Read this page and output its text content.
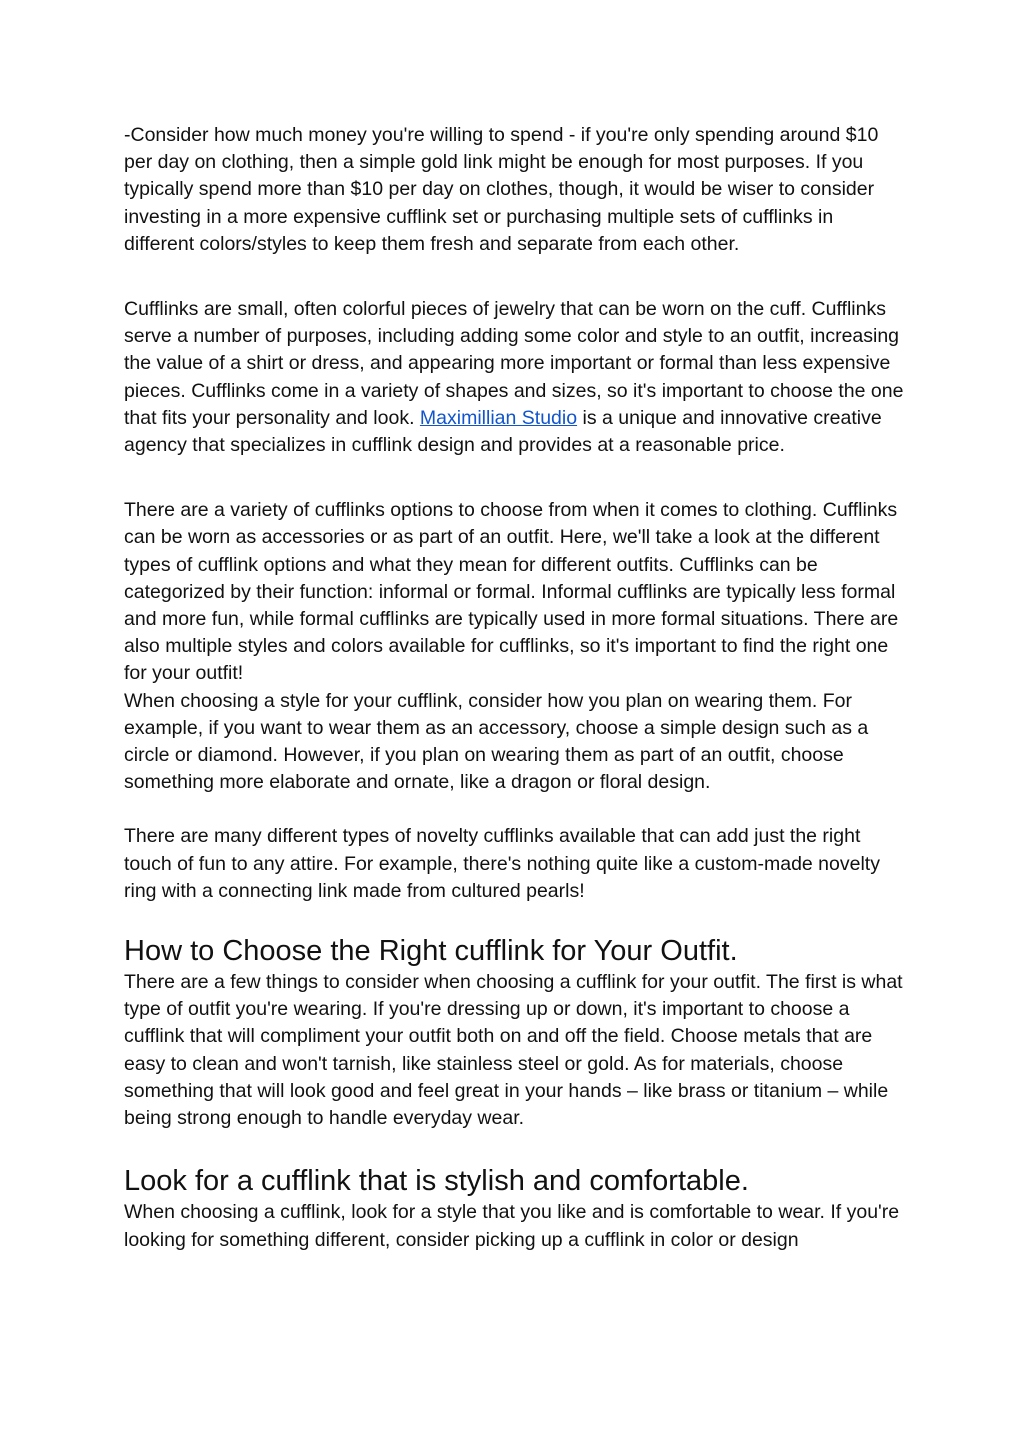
-Consider how much money you're willing to spend - if you're only spending around $10 per day on clothing, then a simple gold link might be enough for most purposes. If you typically spend more than $10 per day on clothes, though, it would be wiser to consider investing in a more expensive cufflink set or purchasing multiple sets of cufflinks in different colors/styles to keep them fresh and separate from each other.

Cufflinks are small, often colorful pieces of jewelry that can be worn on the cuff. Cufflinks serve a number of purposes, including adding some color and style to an outfit, increasing the value of a shirt or dress, and appearing more important or formal than less expensive pieces. Cufflinks come in a variety of shapes and sizes, so it's important to choose the one that fits your personality and look. Maximillian Studio is a unique and innovative creative agency that specializes in cufflink design and provides at a reasonable price.

There are a variety of cufflinks options to choose from when it comes to clothing. Cufflinks can be worn as accessories or as part of an outfit. Here, we'll take a look at the different types of cufflink options and what they mean for different outfits. Cufflinks can be categorized by their function: informal or formal. Informal cufflinks are typically less formal and more fun, while formal cufflinks are typically used in more formal situations. There are also multiple styles and colors available for cufflinks, so it's important to find the right one for your outfit!

When choosing a style for your cufflink, consider how you plan on wearing them. For example, if you want to wear them as an accessory, choose a simple design such as a circle or diamond. However, if you plan on wearing them as part of an outfit, choose something more elaborate and ornate, like a dragon or floral design.

There are many different types of novelty cufflinks available that can add just the right touch of fun to any attire. For example, there's nothing quite like a custom-made novelty ring with a connecting link made from cultured pearls!

How to Choose the Right cufflink for Your Outfit.

There are a few things to consider when choosing a cufflink for your outfit. The first is what type of outfit you're wearing. If you're dressing up or down, it's important to choose a cufflink that will compliment your outfit both on and off the field. Choose metals that are easy to clean and won't tarnish, like stainless steel or gold. As for materials, choose something that will look good and feel great in your hands – like brass or titanium – while being strong enough to handle everyday wear.

Look for a cufflink that is stylish and comfortable.

When choosing a cufflink, look for a style that you like and is comfortable to wear. If you're looking for something different, consider picking up a cufflink in color or design
